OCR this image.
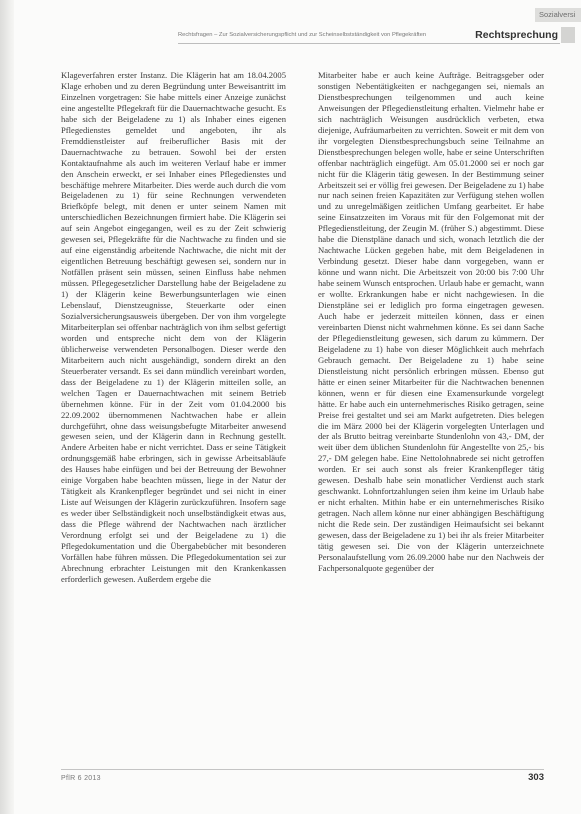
Sozialversi
Rechtsfragen – Zur Sozialversicherungspflicht und zur Scheinselbstständigkeit von Pflegekräften	Rechtsprechung

Klageverfahren erster Instanz. Die Klägerin hat am 18.04.2005 Klage erhoben und zu deren Begründung unter Beweisantritt im Einzelnen vorgetragen: Sie habe mittels einer Anzeige zunächst eine angestellte Pflegekraft für die Dauernachtwache gesucht. Es habe sich der Beigeladene zu 1) als Inhaber eines eigenen Pflegedienstes gemeldet und angeboten, ihr als Fremddienstleister auf freiberuflicher Basis mit der Dauernachtwache zu betrauen. Sowohl bei der ersten Kontaktaufnahme als auch im weiteren Verlauf habe er immer den Anschein erweckt, er sei Inhaber eines Pflegedienstes und beschäftige mehrere Mitarbeiter. Dies werde auch durch die vom Beigeladenen zu 1) für seine Rechnungen verwendeten Briefköpfe belegt, mit denen er unter seinem Namen mit unterschiedlichen Bezeichnungen firmiert habe. Die Klägerin sei auf sein Angebot eingegangen, weil es zu der Zeit schwierig gewesen sei, Pflegekräfte für die Nachtwache zu finden und sie auf eine eigenständig arbeitende Nachtwache, die nicht mit der eigentlichen Betreuung beschäftigt gewesen sei, sondern nur in Notfällen präsent sein müssen, seinen Einfluss habe nehmen müssen. Pflegegesetzlicher Darstellung habe der Beigeladene zu 1) der Klägerin keine Bewerbungsunterlagen wie einen Lebenslauf, Dienstzeugnisse, Steuerkarte oder einen Sozialversicherungsausweis übergeben. Der von ihm vorgelegte Mitarbeiterplan sei offenbar nachträglich von ihm selbst gefertigt worden und entspreche nicht dem von der Klägerin üblicherweise verwendeten Personalbogen. Dieser werde den Mitarbeitern auch nicht ausgehändigt, sondern direkt an den Steuerberater versandt. Es sei dann mündlich vereinbart worden, dass der Beigeladene zu 1) der Klägerin mitteilen solle, an welchen Tagen er Dauernachtwachen mit seinem Betrieb übernehmen könne. Für in der Zeit vom 01.04.2000 bis 22.09.2002 übernommenen Nachtwachen habe er allein durchgeführt, ohne dass weisungsbefugte Mitarbeiter anwesend gewesen seien, und der Klägerin dann in Rechnung gestellt. Andere Arbeiten habe er nicht verrichtet. Dass er seine Tätigkeit ordnungsgemäß habe erbringen, sich in gewisse Arbeitsabläufe des Hauses habe einfügen und bei der Betreuung der Bewohner einige Vorgaben habe beachten müssen, liege in der Natur der Tätigkeit als Krankenpfleger begründet und sei nicht in einer Liste auf Weisungen der Klägerin zurückzuführen. Insofern sage es weder über Selbständigkeit noch unselbständigkeit etwas aus, dass die Pflege während der Nachtwachen nach ärztlicher Verordnung erfolgt sei und der Beigeladene zu 1) die Pflegedokumentation und die Übergabebücher mit besonderen Vorfällen habe führen müssen. Die Pflegedokumentation sei zur Abrechnung erbrachter Leistungen mit den Krankenkassen erforderlich gewesen. Außerdem ergebe die

Mitarbeiter habe er auch keine Aufträge. Beitragsgeber oder sonstigen Nebentätigkeiten er nachgegangen sei, niemals an Dienstbesprechungen teilgenommen und auch keine Anweisungen der Pflegedienstleitung erhalten. Vielmehr habe er sich nachträglich Weisungen ausdrücklich verbeten, etwa diejenige, Aufräumarbeiten zu verrichten. Soweit er mit dem von ihr vorgelegten Dienstbesprechungsbuch seine Teilnahme an Dienstbesprechungen belegen wolle, habe er seine Unterschriften offenbar nachträglich eingefügt. Am 05.01.2000 sei er noch gar nicht für die Klägerin tätig gewesen. In der Bestimmung seiner Arbeitszeit sei er völlig frei gewesen. Der Beigeladene zu 1) habe nur nach seinen freien Kapazitäten zur Verfügung stehen wollen und zu unregelmäßigen zeitlichen Umfang gearbeitet. Er habe seine Einsatzzeiten im Voraus mit für den Folgemonat mit der Pflegedienstleitung, der Zeugin M. (früher S.) abgestimmt. Diese habe die Dienstpläne danach und sich, wonach letztlich die der Nachtwache Lücken gegeben habe, mit dem Beigeladenen in Verbindung gesetzt. Dieser habe dann vorgegeben, wann er könne und wann nicht. Die Arbeitszeit von 20:00 bis 7:00 Uhr habe seinem Wunsch entsprochen. Urlaub habe er gemacht, wann er wollte. Erkrankungen habe er nicht nachgewiesen. In die Dienstpläne sei er lediglich pro forma eingetragen gewesen. Auch habe er jederzeit mitteilen können, dass er einen vereinbarten Dienst nicht wahrnehmen könne. Es sei dann Sache der Pflegedienstleitung gewesen, sich darum zu kümmern. Der Beigeladene zu 1) habe von dieser Möglichkeit auch mehrfach Gebrauch gemacht. Der Beigeladene zu 1) habe seine Dienstleistung nicht persönlich erbringen müssen. Ebenso gut hätte er einen seiner Mitarbeiter für die Nachtwachen benennen können, wenn er für diesen eine Examensurkunde vorgelegt hätte. Er habe auch ein unternehmerisches Risiko getragen, seine Preise frei gestaltet und sei am Markt aufgetreten. Dies belegen die im März 2000 bei der Klägerin vorgelegten Unterlagen und der als Brutto beitrag vereinbarte Stundenlohn von 43,- DM, der weit über dem üblichen Stundenlohn für Angestellte von 25,- bis 27,- DM gelegen habe. Eine Nettolohnabrede sei nicht getroffen worden. Er sei auch sonst als freier Krankenpfleger tätig gewesen. Deshalb habe sein monatlicher Verdienst auch stark geschwankt. Lohnfortzahlungen seien ihm keine im Urlaub habe er nicht erhalten. Mithin habe er ein unternehmerisches Risiko getragen. Nach allem könne nur einer abhängigen Beschäftigung nicht die Rede sein. Der zuständigen Heimaufsicht sei bekannt gewesen, dass der Beigeladene zu 1) bei ihr als freier Mitarbeiter tätig gewesen sei. Die von der Klägerin unterzeichnete Personalaufstellung vom 26.09.2000 habe nur den Nachweis der Fachpersonalquote gegenüber der

PflR 6 2013	303
